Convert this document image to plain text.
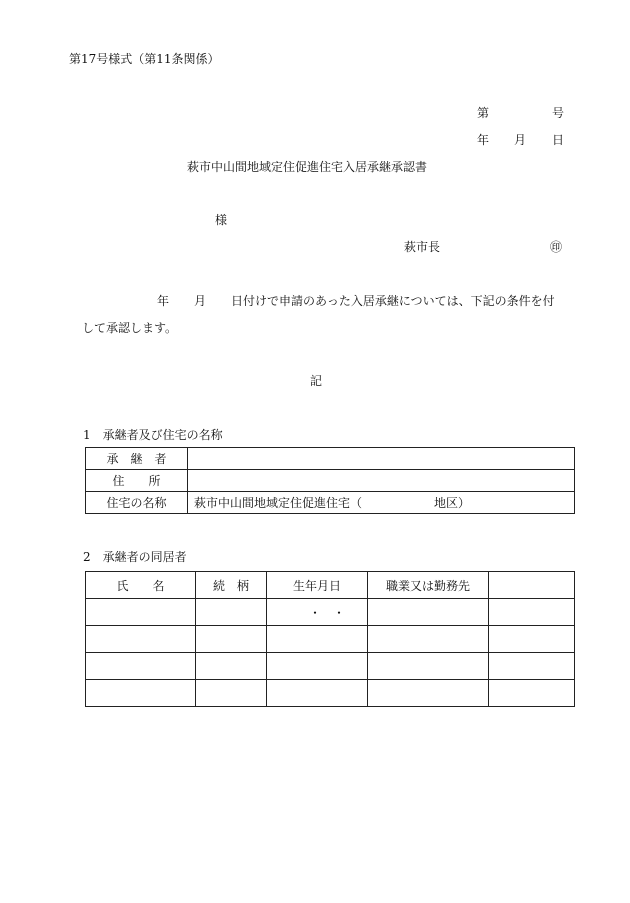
第17号様式（第11条関係）
第	号
年 月 日
萩市中山間地域定住促進住宅入居承継承認書
様
萩市長	㊞
年 月 日付けで申請のあった入居承継については、下記の条件を付
して承認します。
記
1　承継者及び住宅の名称
承　継　者	
住　　所	
住宅の名称	萩市中山間地域定住促進住宅（　　　　　　地区）
2　承継者の同居者
氏　　名	続　柄	生年月日	職業又は勤務先	
		・　・		
